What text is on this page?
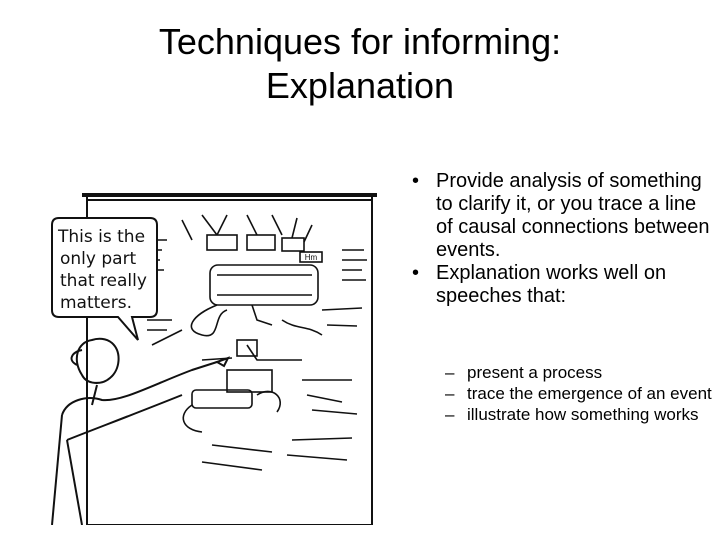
Techniques for informing:
Explanation
Hm
This is the
only part
that really
matters.
• Provide analysis of something to clarify it, or you trace a line of causal connections between events.
• Explanation works well on speeches that:
– present a process
– trace the emergence of an event
– illustrate how something works
